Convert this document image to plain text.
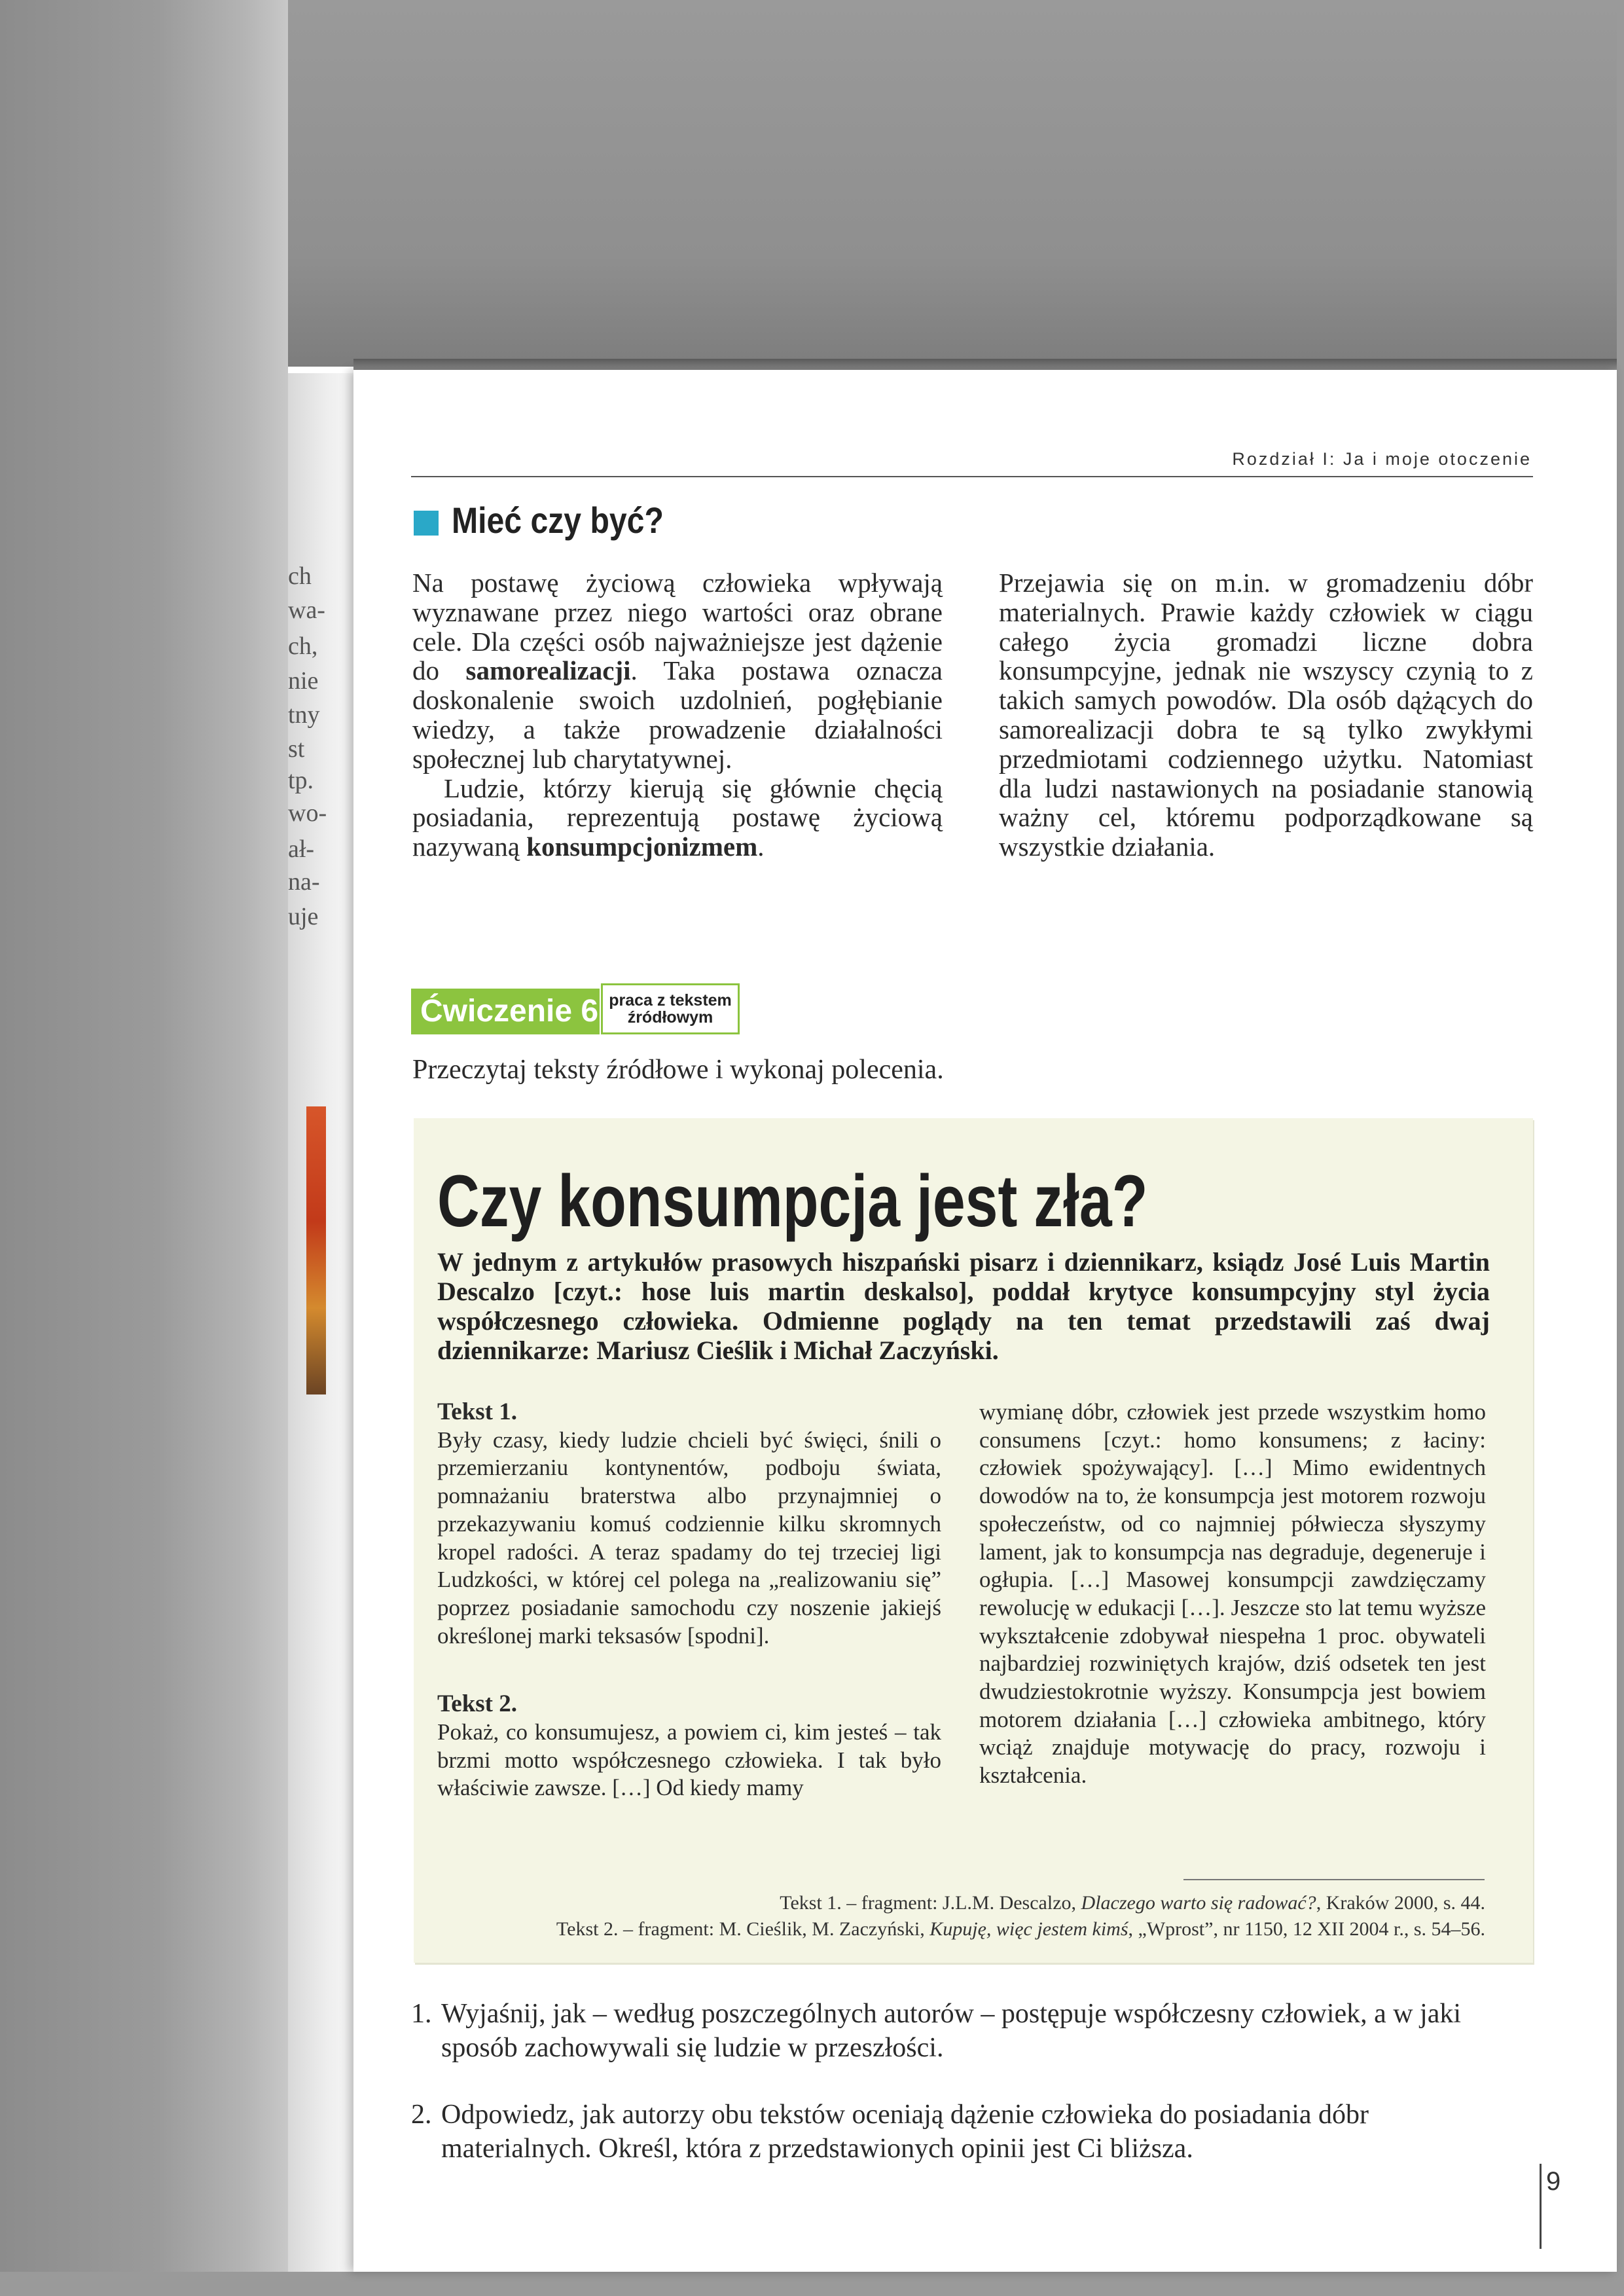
ch
wa-
ch,
nie
tny
st
tp.
wo-
ał-
na-
uje
Rozdział I: Ja i moje otoczenie
Mieć czy być?

Na postawę życiową człowieka wpływają wyznawane przez niego wartości oraz obrane cele. Dla części osób najważniejsze jest dążenie do samorealizacji. Taka postawa oznacza doskonalenie swoich uzdolnień, pogłębianie wiedzy, a także prowadzenie działalności społecznej lub charytatywnej.

Ludzie, którzy kierują się głównie chęcią posiadania, reprezentują postawę życiową nazywaną konsumpcjonizmem.

Przejawia się on m.in. w gromadzeniu dóbr materialnych. Prawie każdy człowiek w ciągu całego życia gromadzi liczne dobra konsumpcyjne, jednak nie wszyscy czynią to z takich samych powodów. Dla osób dążących do samorealizacji dobra te są tylko zwykłymi przedmiotami codziennego użytku. Natomiast dla ludzi nastawionych na posiadanie stanowią ważny cel, któremu podporządkowane są wszystkie działania.

Ćwiczenie 6 praca z tekstem
źródłowym
Przeczytaj teksty źródłowe i wykonaj polecenia.
Czy konsumpcja jest zła?
W jednym z artykułów prasowych hiszpański pisarz i dziennikarz, ksiądz José Luis Martin Descalzo [czyt.: hose luis martin deskalso], poddał krytyce konsumpcyjny styl życia współczesnego człowieka. Odmienne poglądy na ten temat przedstawili zaś dwaj dziennikarze: Mariusz Cieślik i Michał Zaczyński.

Tekst 1.

Były czasy, kiedy ludzie chcieli być święci, śnili o przemierzaniu kontynentów, podboju świata, pomnażaniu braterstwa albo przynajmniej o przekazywaniu komuś codziennie kilku skromnych kropel radości. A teraz spadamy do tej trzeciej ligi Ludzkości, w której cel polega na „realizowaniu się” poprzez posiadanie samochodu czy noszenie jakiejś określonej marki teksasów [spodni].

Tekst 2.

Pokaż, co konsumujesz, a powiem ci, kim jesteś – tak brzmi motto współczesnego człowieka. I tak było właściwie zawsze. […] Od kiedy mamy

wymianę dóbr, człowiek jest przede wszystkim homo consumens [czyt.: homo konsumens; z łaciny: człowiek spożywający]. […] Mimo ewidentnych dowodów na to, że konsumpcja jest motorem rozwoju społeczeństw, od co najmniej półwiecza słyszymy lament, jak to konsumpcja nas degraduje, degeneruje i ogłupia. […] Masowej konsumpcji zawdzięczamy rewolucję w edukacji […]. Jeszcze sto lat temu wyższe wykształcenie zdobywał niespełna 1 proc. obywateli najbardziej rozwiniętych krajów, dziś odsetek ten jest dwudziestokrotnie wyższy. Konsumpcja jest bowiem motorem działania […] człowieka ambitnego, który wciąż znajduje motywację do pracy, rozwoju i kształcenia.

Tekst 1. – fragment: J.L.M. Descalzo, Dlaczego warto się radować?, Kraków 2000, s. 44.
Tekst 2. – fragment: M. Cieślik, M. Zaczyński, Kupuję, więc jestem kimś, „Wprost”, nr 1150, 12 XII 2004 r., s. 54–56.
1. Wyjaśnij, jak – według poszczególnych autorów – postępuje współczesny człowiek, a w jaki sposób zachowywali się ludzie w przeszłości.
2. Odpowiedz, jak autorzy obu tekstów oceniają dążenie człowieka do posiadania dóbr materialnych. Określ, która z przedstawionych opinii jest Ci bliższa.
9
